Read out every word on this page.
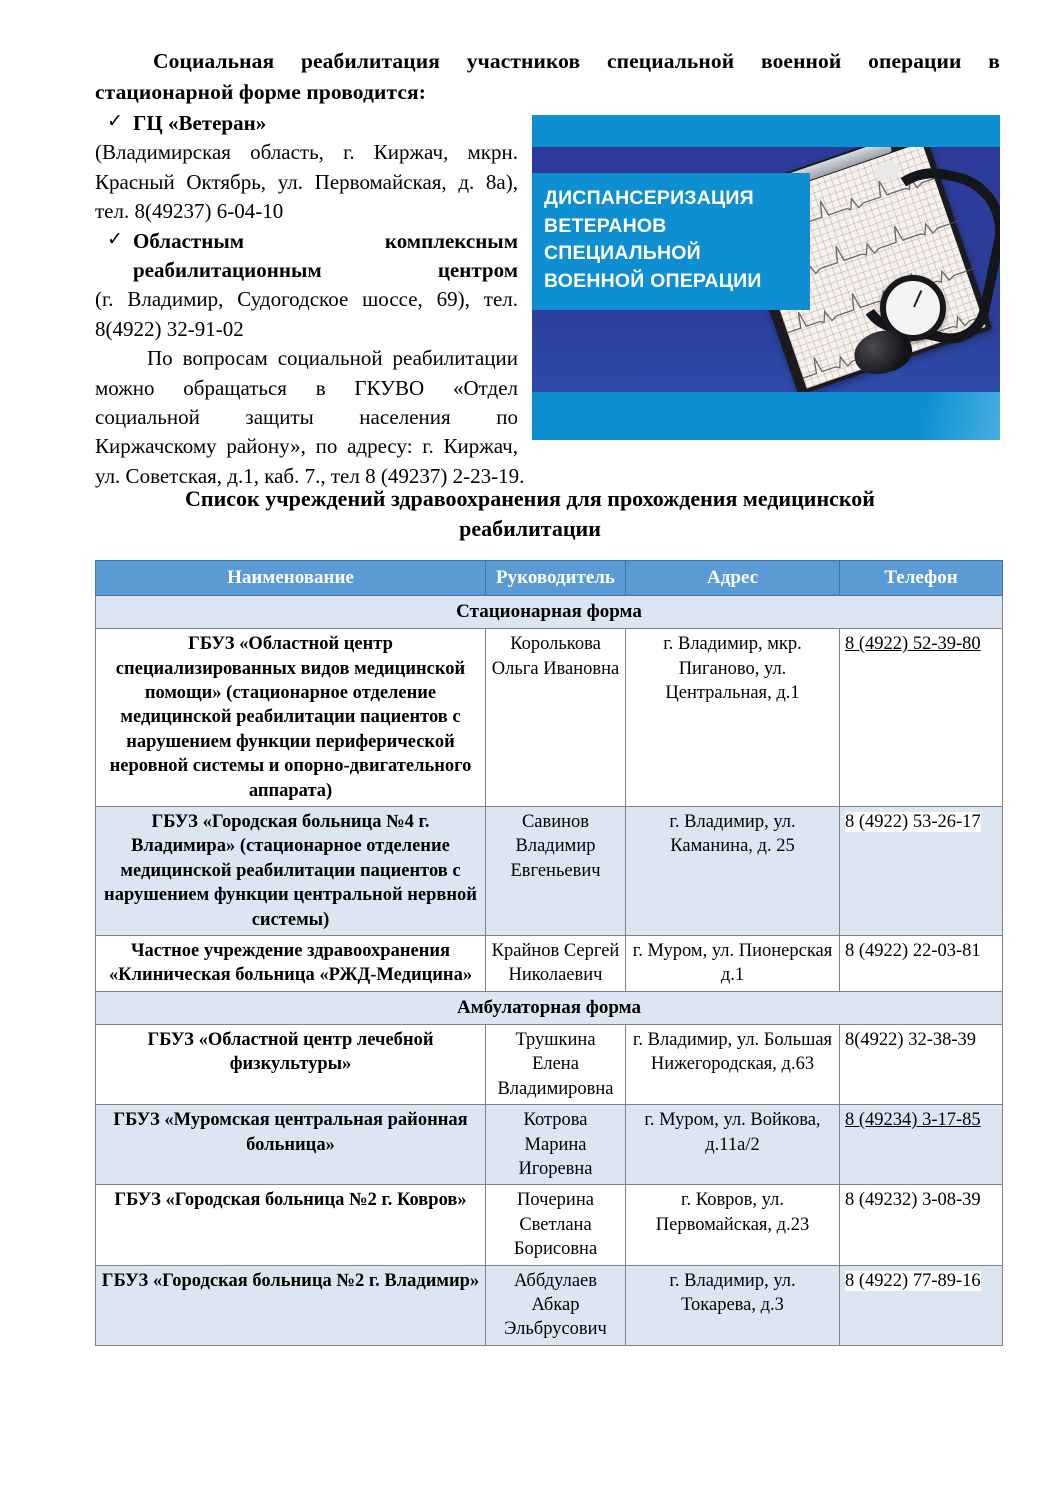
Социальная реабилитация участников специальной военной операции в стационарной форме проводится:

ДИСПАНСЕРИЗАЦИЯ
ВЕТЕРАНОВ
СПЕЦИАЛЬНОЙ
ВОЕННОЙ ОПЕРАЦИИ

✓ ГЦ «Ветеран»

(Владимирская область, г. Киржач, мкрн. Красный Октябрь, ул. Первомайская, д. 8а), тел. 8(49237) 6-04-10

✓ Областным комплексным реабилитационным центром

(г. Владимир, Судогодское шоссе, 69), тел. 8(4922) 32-91-02

По вопросам социальной реабилитации можно обращаться в ГКУВО «Отдел социальной защиты населения по Киржачскому району», по адресу: г. Киржач, ул. Советская, д.1, каб. 7., тел 8 (49237) 2-23-19.

Список учреждений здравоохранения для прохождения медицинской реабилитации
Наименование	Руководитель	Адрес	Телефон
Стационарная форма			
ГБУЗ «Областной центр специализированных видов медицинской помощи» (стационарное отделение медицинской реабилитации пациентов с нарушением функции периферической неровной системы и опорно-двигательного аппарата)	Королькова Ольга Ивановна	г. Владимир, мкр. Пиганово, ул. Центральная, д.1	8 (4922) 52-39-80
ГБУЗ «Городская больница №4 г. Владимира» (стационарное отделение медицинской реабилитации пациентов с нарушением функции центральной нервной системы)	Савинов Владимир Евгеньевич	г. Владимир, ул. Каманина, д. 25	8 (4922) 53-26-17
Частное учреждение здравоохранения «Клиническая больница «РЖД-Медицина»	Крайнов Сергей Николаевич	г. Муром, ул. Пионерская д.1	8 (4922) 22-03-81
Амбулаторная форма			
ГБУЗ «Областной центр лечебной физкультуры»	Трушкина Елена Владимировна	г. Владимир, ул. Большая Нижегородская, д.63	8(4922) 32-38-39
ГБУЗ «Муромская центральная районная больница»	Котрова Марина Игоревна	г. Муром, ул. Войкова, д.11а/2	8 (49234) 3-17-85
ГБУЗ «Городская больница №2 г. Ковров»	Почерина Светлана Борисовна	г. Ковров, ул. Первомайская, д.23	8 (49232) 3-08-39
ГБУЗ «Городская больница №2 г. Владимир»	Аббдулаев Абкар Эльбрусович	г. Владимир, ул. Токарева, д.3	8 (4922) 77-89-16
